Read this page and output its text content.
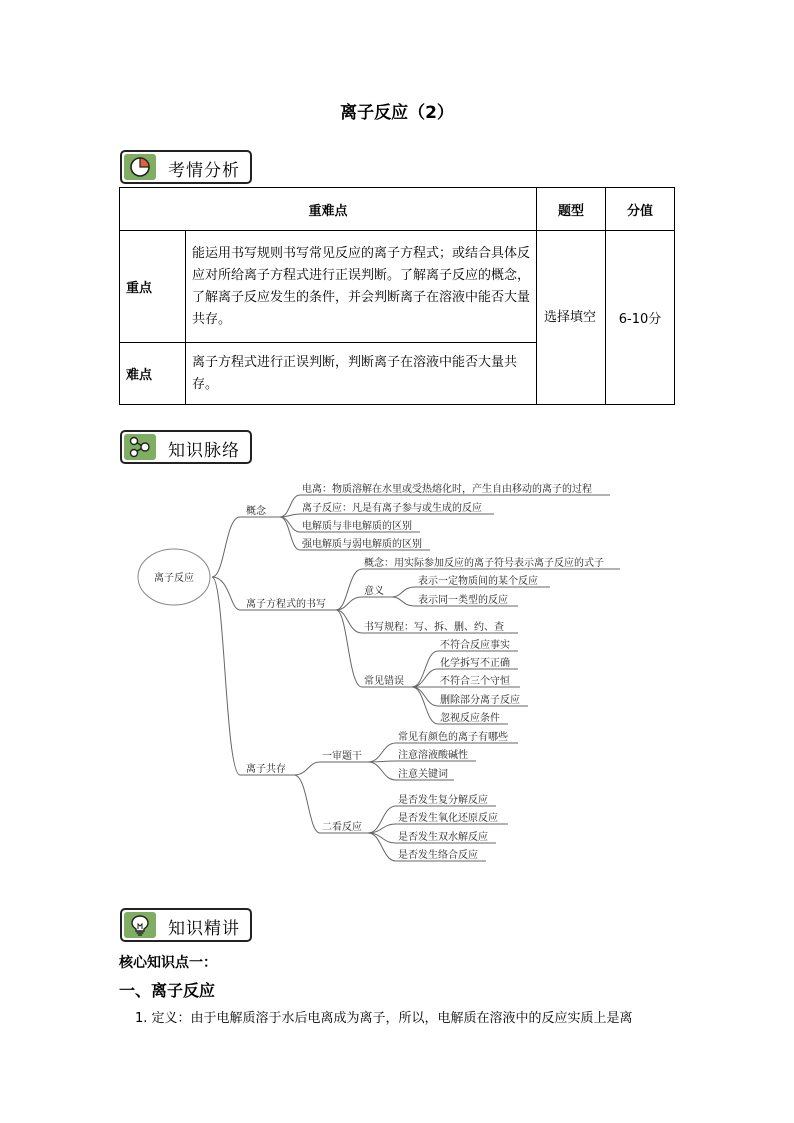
离子反应（2）
考情分析
重难点		题型	分值
重点	能运用书写规则书写常见反应的离子方程式；或结合具体反应对所给离子方程式进行正误判断。了解离子反应的概念，了解离子反应发生的条件，并会判断离子在溶液中能否大量共存。	选择填空	6-10分
难点	离子方程式进行正误判断，判断离子在溶液中能否大量共存。		
知识脉络
离子反应
概念
电离：物质溶解在水里或受热熔化时，产生自由移动的离子的过程
离子反应：凡是有离子参与或生成的反应
电解质与非电解质的区别
强电解质与弱电解质的区别
离子方程式的书写
概念：用实际参加反应的离子符号表示离子反应的式子
意义
表示一定物质间的某个反应
表示同一类型的反应
书写规程：写、拆、删、约、查
常见错误
不符合反应事实
化学拆写不正确
不符合三个守恒
删除部分离子反应
忽视反应条件
离子共存
一审题干
常见有颜色的离子有哪些
注意溶液酸碱性
注意关键词
二看反应
是否发生复分解反应
是否发生氧化还原反应
是否发生双水解反应
是否发生络合反应
知识精讲
核心知识点一：
一、离子反应
1. 定义：由于电解质溶于水后电离成为离子，所以，电解质在溶液中的反应实质上是离
